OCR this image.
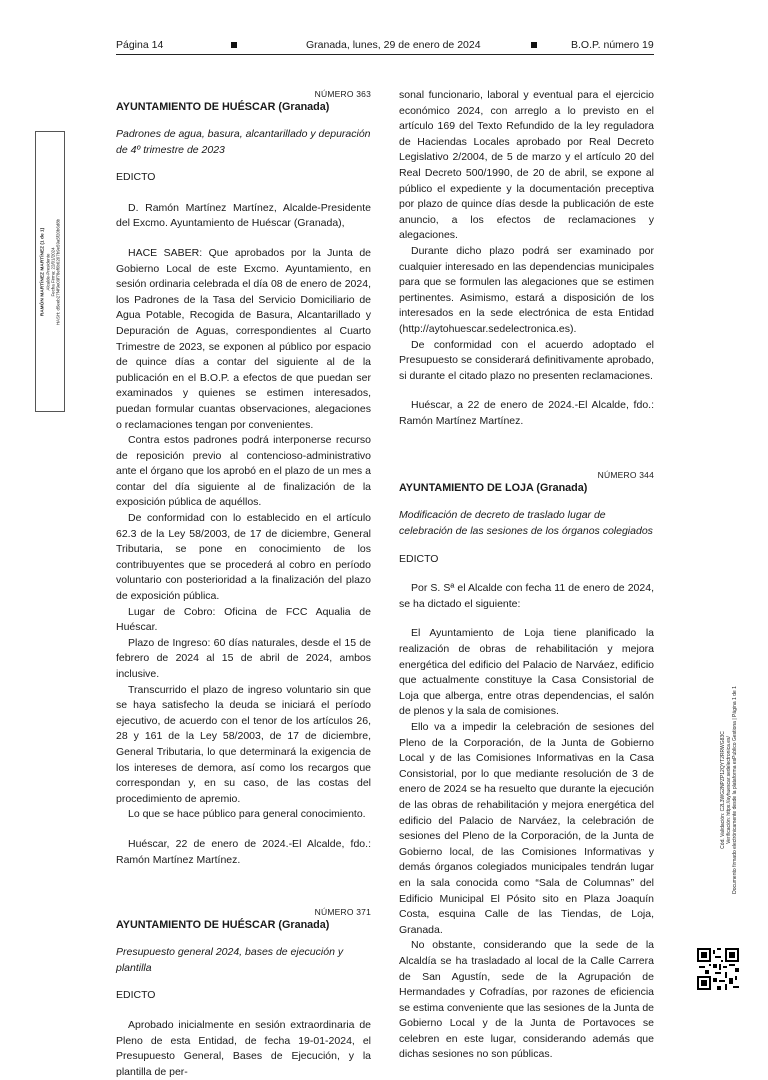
Página 14	Granada, lunes, 29 de enero de 2024	B.O.P. número 19
RAMÓN MARTÍNEZ MARTÍNEZ (1 de 1)
Alcalde-Presidente
Fecha Firma: 22/01/2024
HASH: d5eeb27f4f9e09f78ef6b6207b9e59a5f20b6d8b
Cód. Validación: C2L3WG2NPZP12QYT2RRWG83C
Verificación: https://ayhuescar.sedelectronica.es/
Documento firmado electrónicamente desde la plataforma esPublico Gestiona | Página 1 de 1

NÚMERO 363

AYUNTAMIENTO DE HUÉSCAR (Granada)

Padrones de agua, basura, alcantarillado y depuración de 4º trimestre de 2023

EDICTO

D. Ramón Martínez Martínez, Alcalde-Presidente del Excmo. Ayuntamiento de Huéscar (Granada),

HACE SABER: Que aprobados por la Junta de Gobierno Local de este Excmo. Ayuntamiento, en sesión ordinaria celebrada el día 08 de enero de 2024, los Padrones de la Tasa del Servicio Domiciliario de Agua Potable, Recogida de Basura, Alcantarillado y Depuración de Aguas, correspondientes al Cuarto Trimestre de 2023, se exponen al público por espacio de quince días a contar del siguiente al de la publicación en el B.O.P. a efectos de que puedan ser examinados y quienes se estimen interesados, puedan formular cuantas observaciones, alegaciones o reclamaciones tengan por convenientes.

Contra estos padrones podrá interponerse recurso de reposición previo al contencioso-administrativo ante el órgano que los aprobó en el plazo de un mes a contar del día siguiente al de finalización de la exposición pública de aquéllos.

De conformidad con lo establecido en el artículo 62.3 de la Ley 58/2003, de 17 de diciembre, General Tributaria, se pone en conocimiento de los contribuyentes que se procederá al cobro en período voluntario con posterioridad a la finalización del plazo de exposición pública.

Lugar de Cobro: Oficina de FCC Aqualia de Huéscar.

Plazo de Ingreso: 60 días naturales, desde el 15 de febrero de 2024 al 15 de abril de 2024, ambos inclusive.

Transcurrido el plazo de ingreso voluntario sin que se haya satisfecho la deuda se iniciará el período ejecutivo, de acuerdo con el tenor de los artículos 26, 28 y 161 de la Ley 58/2003, de 17 de diciembre, General Tributaria, lo que determinará la exigencia de los intereses de demora, así como los recargos que correspondan y, en su caso, de las costas del procedimiento de apremio.

Lo que se hace público para general conocimiento.

Huéscar, 22 de enero de 2024.-El Alcalde, fdo.: Ramón Martínez Martínez.

NÚMERO 371

AYUNTAMIENTO DE HUÉSCAR (Granada)

Presupuesto general 2024, bases de ejecución y plantilla

EDICTO

Aprobado inicialmente en sesión extraordinaria de Pleno de esta Entidad, de fecha 19-01-2024, el Presupuesto General, Bases de Ejecución, y la plantilla de per-

sonal funcionario, laboral y eventual para el ejercicio económico 2024, con arreglo a lo previsto en el artículo 169 del Texto Refundido de la ley reguladora de Haciendas Locales aprobado por Real Decreto Legislativo 2/2004, de 5 de marzo y el artículo 20 del Real Decreto 500/1990, de 20 de abril, se expone al público el expediente y la documentación preceptiva por plazo de quince días desde la publicación de este anuncio, a los efectos de reclamaciones y alegaciones.

Durante dicho plazo podrá ser examinado por cualquier interesado en las dependencias municipales para que se formulen las alegaciones que se estimen pertinentes. Asimismo, estará a disposición de los interesados en la sede electrónica de esta Entidad (http://aytohuescar.sedelectronica.es).

De conformidad con el acuerdo adoptado el Presupuesto se considerará definitivamente aprobado, si durante el citado plazo no presenten reclamaciones.

Huéscar, a 22 de enero de 2024.-El Alcalde, fdo.: Ramón Martínez Martínez.

NÚMERO 344

AYUNTAMIENTO DE LOJA (Granada)

Modificación de decreto de traslado lugar de celebración de las sesiones de los órganos colegiados

EDICTO

Por S. Sª el Alcalde con fecha 11 de enero de 2024, se ha dictado el siguiente:

El Ayuntamiento de Loja tiene planificado la realización de obras de rehabilitación y mejora energética del edificio del Palacio de Narváez, edificio que actualmente constituye la Casa Consistorial de Loja que alberga, entre otras dependencias, el salón de plenos y la sala de comisiones.

Ello va a impedir la celebración de sesiones del Pleno de la Corporación, de la Junta de Gobierno Local y de las Comisiones Informativas en la Casa Consistorial, por lo que mediante resolución de 3 de enero de 2024 se ha resuelto que durante la ejecución de las obras de rehabilitación y mejora energética del edificio del Palacio de Narváez, la celebración de sesiones del Pleno de la Corporación, de la Junta de Gobierno local, de las Comisiones Informativas y demás órganos colegiados municipales tendrán lugar en la sala conocida como “Sala de Columnas” del Edificio Municipal El Pósito sito en Plaza Joaquín Costa, esquina Calle de las Tiendas, de Loja, Granada.

No obstante, considerando que la sede de la Alcaldía se ha trasladado al local de la Calle Carrera de San Agustín, sede de la Agrupación de Hermandades y Cofradías, por razones de eficiencia se estima conveniente que las sesiones de la Junta de Gobierno Local y de la Junta de Portavoces se celebren en este lugar, considerando además que dichas sesiones no son públicas.
